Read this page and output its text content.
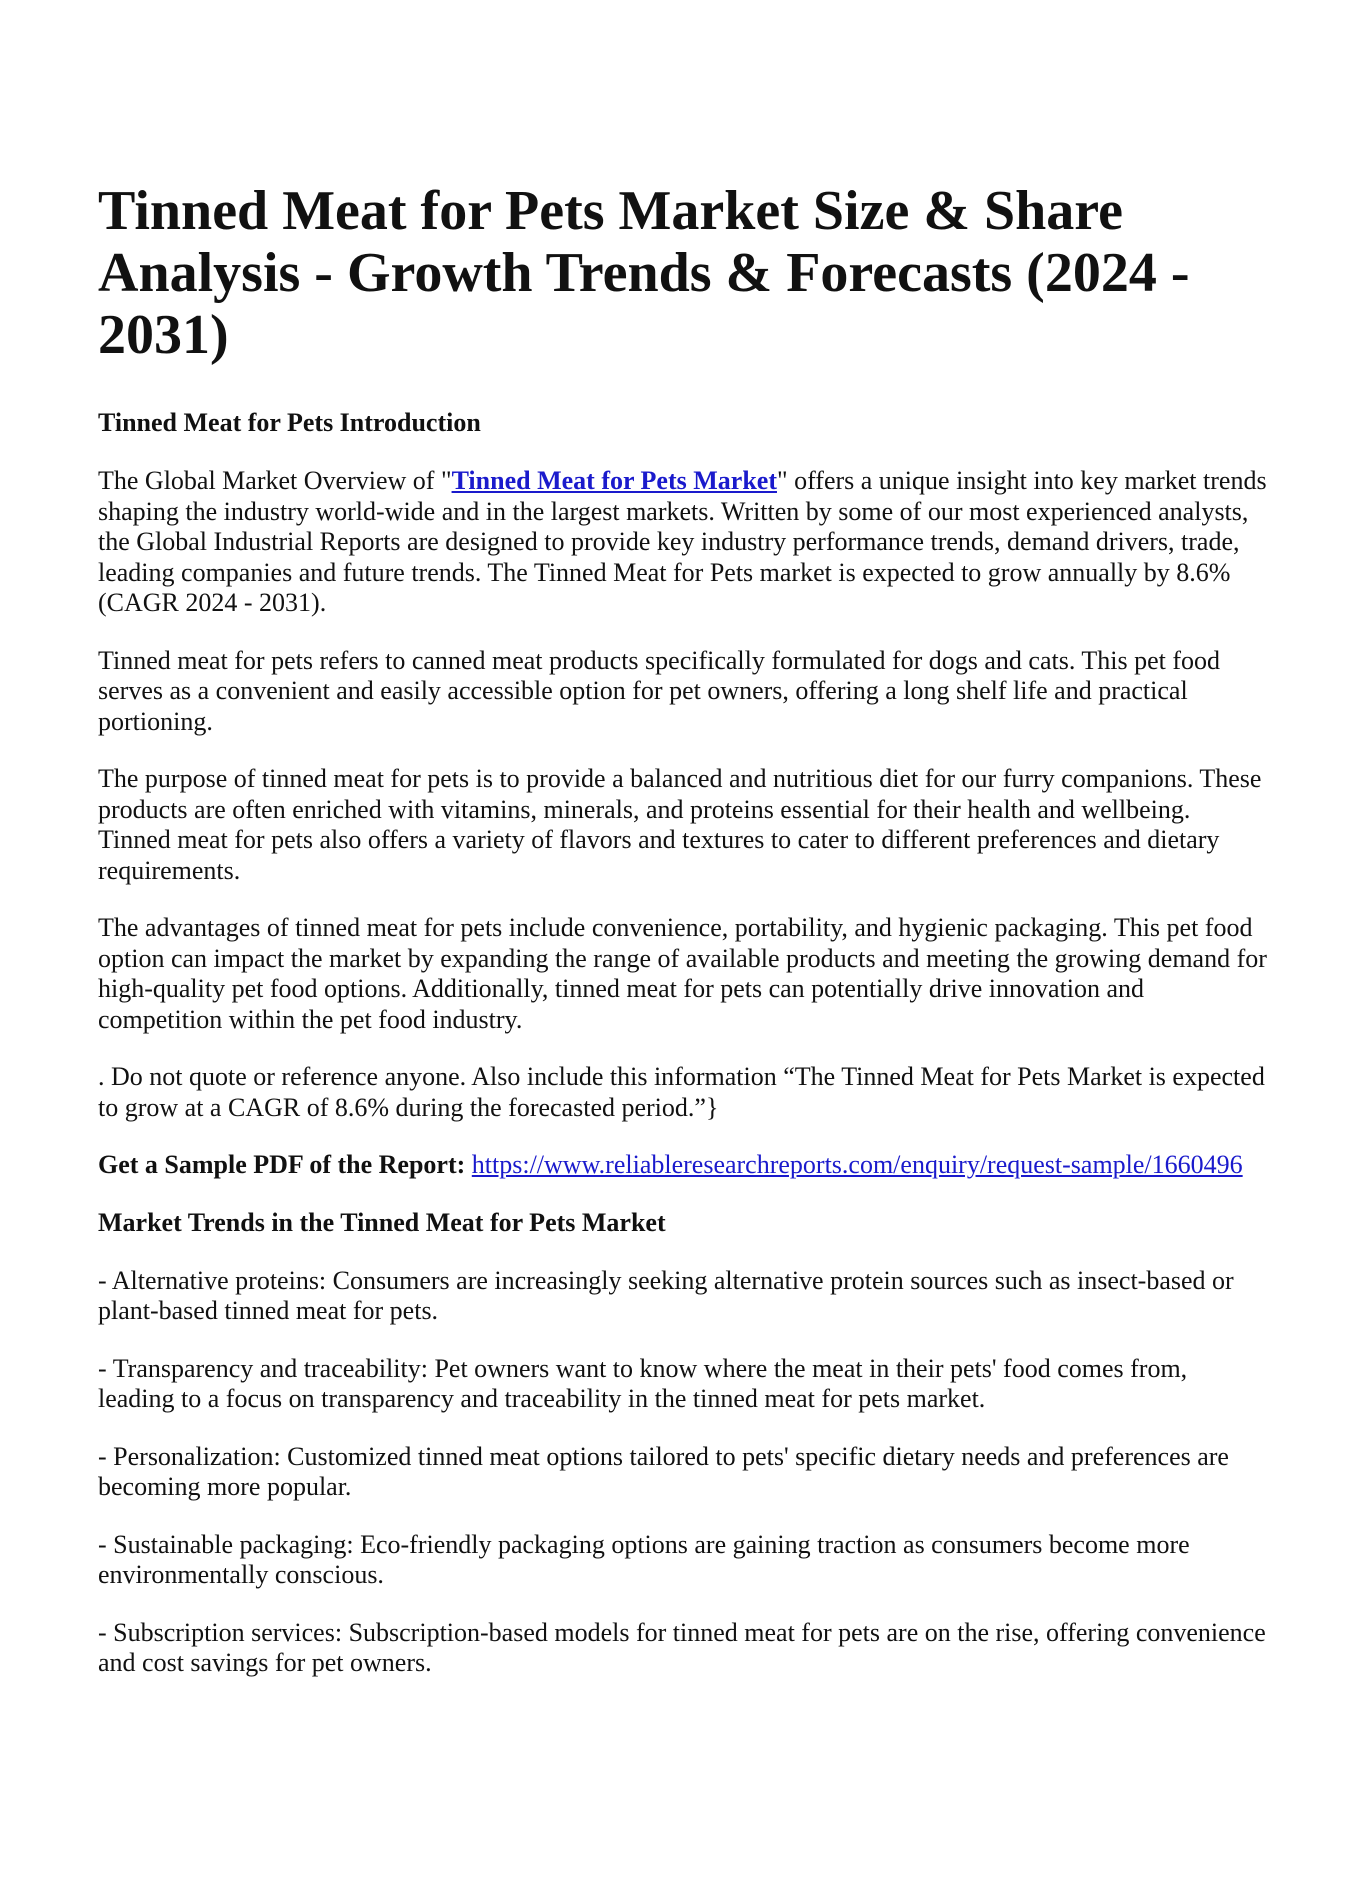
Tinned Meat for Pets Market Size & Share Analysis - Growth Trends & Forecasts (2024 - 2031)
Tinned Meat for Pets Introduction

The Global Market Overview of "Tinned Meat for Pets Market" offers a unique insight into key market trends shaping the industry world-wide and in the largest markets. Written by some of our most experienced analysts, the Global Industrial Reports are designed to provide key industry performance trends, demand drivers, trade, leading companies and future trends. The Tinned Meat for Pets market is expected to grow annually by 8.6% (CAGR 2024 - 2031).

Tinned meat for pets refers to canned meat products specifically formulated for dogs and cats. This pet food serves as a convenient and easily accessible option for pet owners, offering a long shelf life and practical portioning.

The purpose of tinned meat for pets is to provide a balanced and nutritious diet for our furry companions. These products are often enriched with vitamins, minerals, and proteins essential for their health and wellbeing. Tinned meat for pets also offers a variety of flavors and textures to cater to different preferences and dietary requirements.

The advantages of tinned meat for pets include convenience, portability, and hygienic packaging. This pet food option can impact the market by expanding the range of available products and meeting the growing demand for high-quality pet food options. Additionally, tinned meat for pets can potentially drive innovation and competition within the pet food industry.

. Do not quote or reference anyone. Also include this information “The Tinned Meat for Pets Market is expected to grow at a CAGR of 8.6% during the forecasted period.”}

Get a Sample PDF of the Report: https://www.reliableresearchreports.com/enquiry/request-sample/1660496

Market Trends in the Tinned Meat for Pets Market

- Alternative proteins: Consumers are increasingly seeking alternative protein sources such as insect-based or plant-based tinned meat for pets.

- Transparency and traceability: Pet owners want to know where the meat in their pets' food comes from, leading to a focus on transparency and traceability in the tinned meat for pets market.

- Personalization: Customized tinned meat options tailored to pets' specific dietary needs and preferences are becoming more popular.

- Sustainable packaging: Eco-friendly packaging options are gaining traction as consumers become more environmentally conscious.

- Subscription services: Subscription-based models for tinned meat for pets are on the rise, offering convenience and cost savings for pet owners.
